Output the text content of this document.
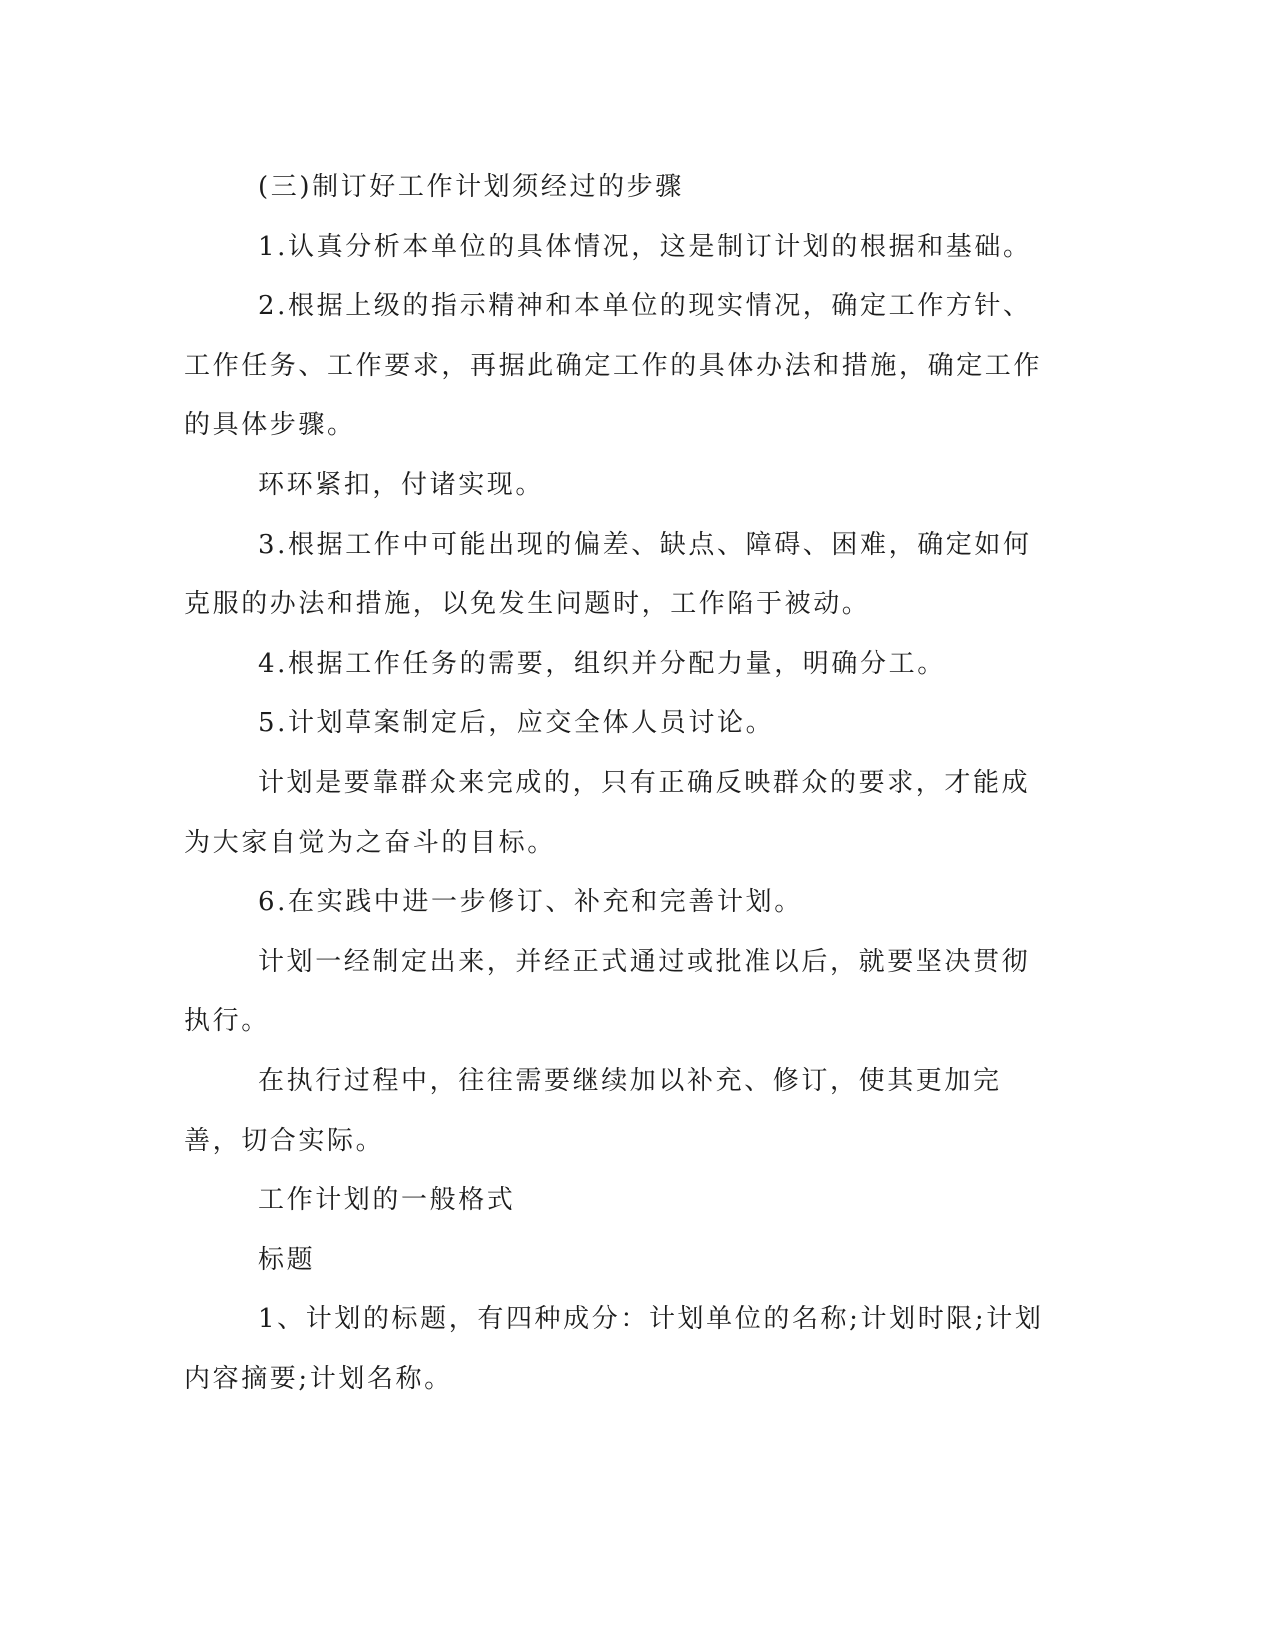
(三)制订好工作计划须经过的步骤

1.认真分析本单位的具体情况，这是制订计划的根据和基础。

2.根据上级的指示精神和本单位的现实情况，确定工作方针、工作任务、工作要求，再据此确定工作的具体办法和措施，确定工作的具体步骤。

环环紧扣，付诸实现。

3.根据工作中可能出现的偏差、缺点、障碍、困难，确定如何克服的办法和措施，以免发生问题时，工作陷于被动。

4.根据工作任务的需要，组织并分配力量，明确分工。

5.计划草案制定后，应交全体人员讨论。

计划是要靠群众来完成的，只有正确反映群众的要求，才能成为大家自觉为之奋斗的目标。

6.在实践中进一步修订、补充和完善计划。

计划一经制定出来，并经正式通过或批准以后，就要坚决贯彻执行。

在执行过程中，往往需要继续加以补充、修订，使其更加完善，切合实际。

工作计划的一般格式

标题

1、计划的标题，有四种成分：计划单位的名称;计划时限;计划内容摘要;计划名称。
